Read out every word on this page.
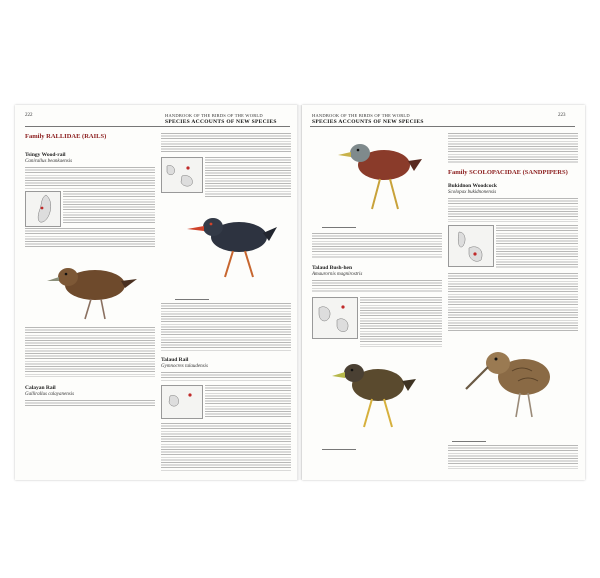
222	HANDBOOK OF THE BIRDS OF THE WORLD
SPECIES ACCOUNTS OF NEW SPECIES
Family RALLIDAE (RAILS)
Tsingy Wood-rail
Canirallus beankaensis
Calayan Rail
Gallirallus calayanensis
Talaud Rail
Gymnocrex talaudensis
HANDBOOK OF THE BIRDS OF THE WORLD
SPECIES ACCOUNTS OF NEW SPECIES
223
Talaud Bush-hen
Amaurornis magnirostris
Family SCOLOPACIDAE (SANDPIPERS)
Bukidnon Woodcock
Scolopax bukidnonensis
